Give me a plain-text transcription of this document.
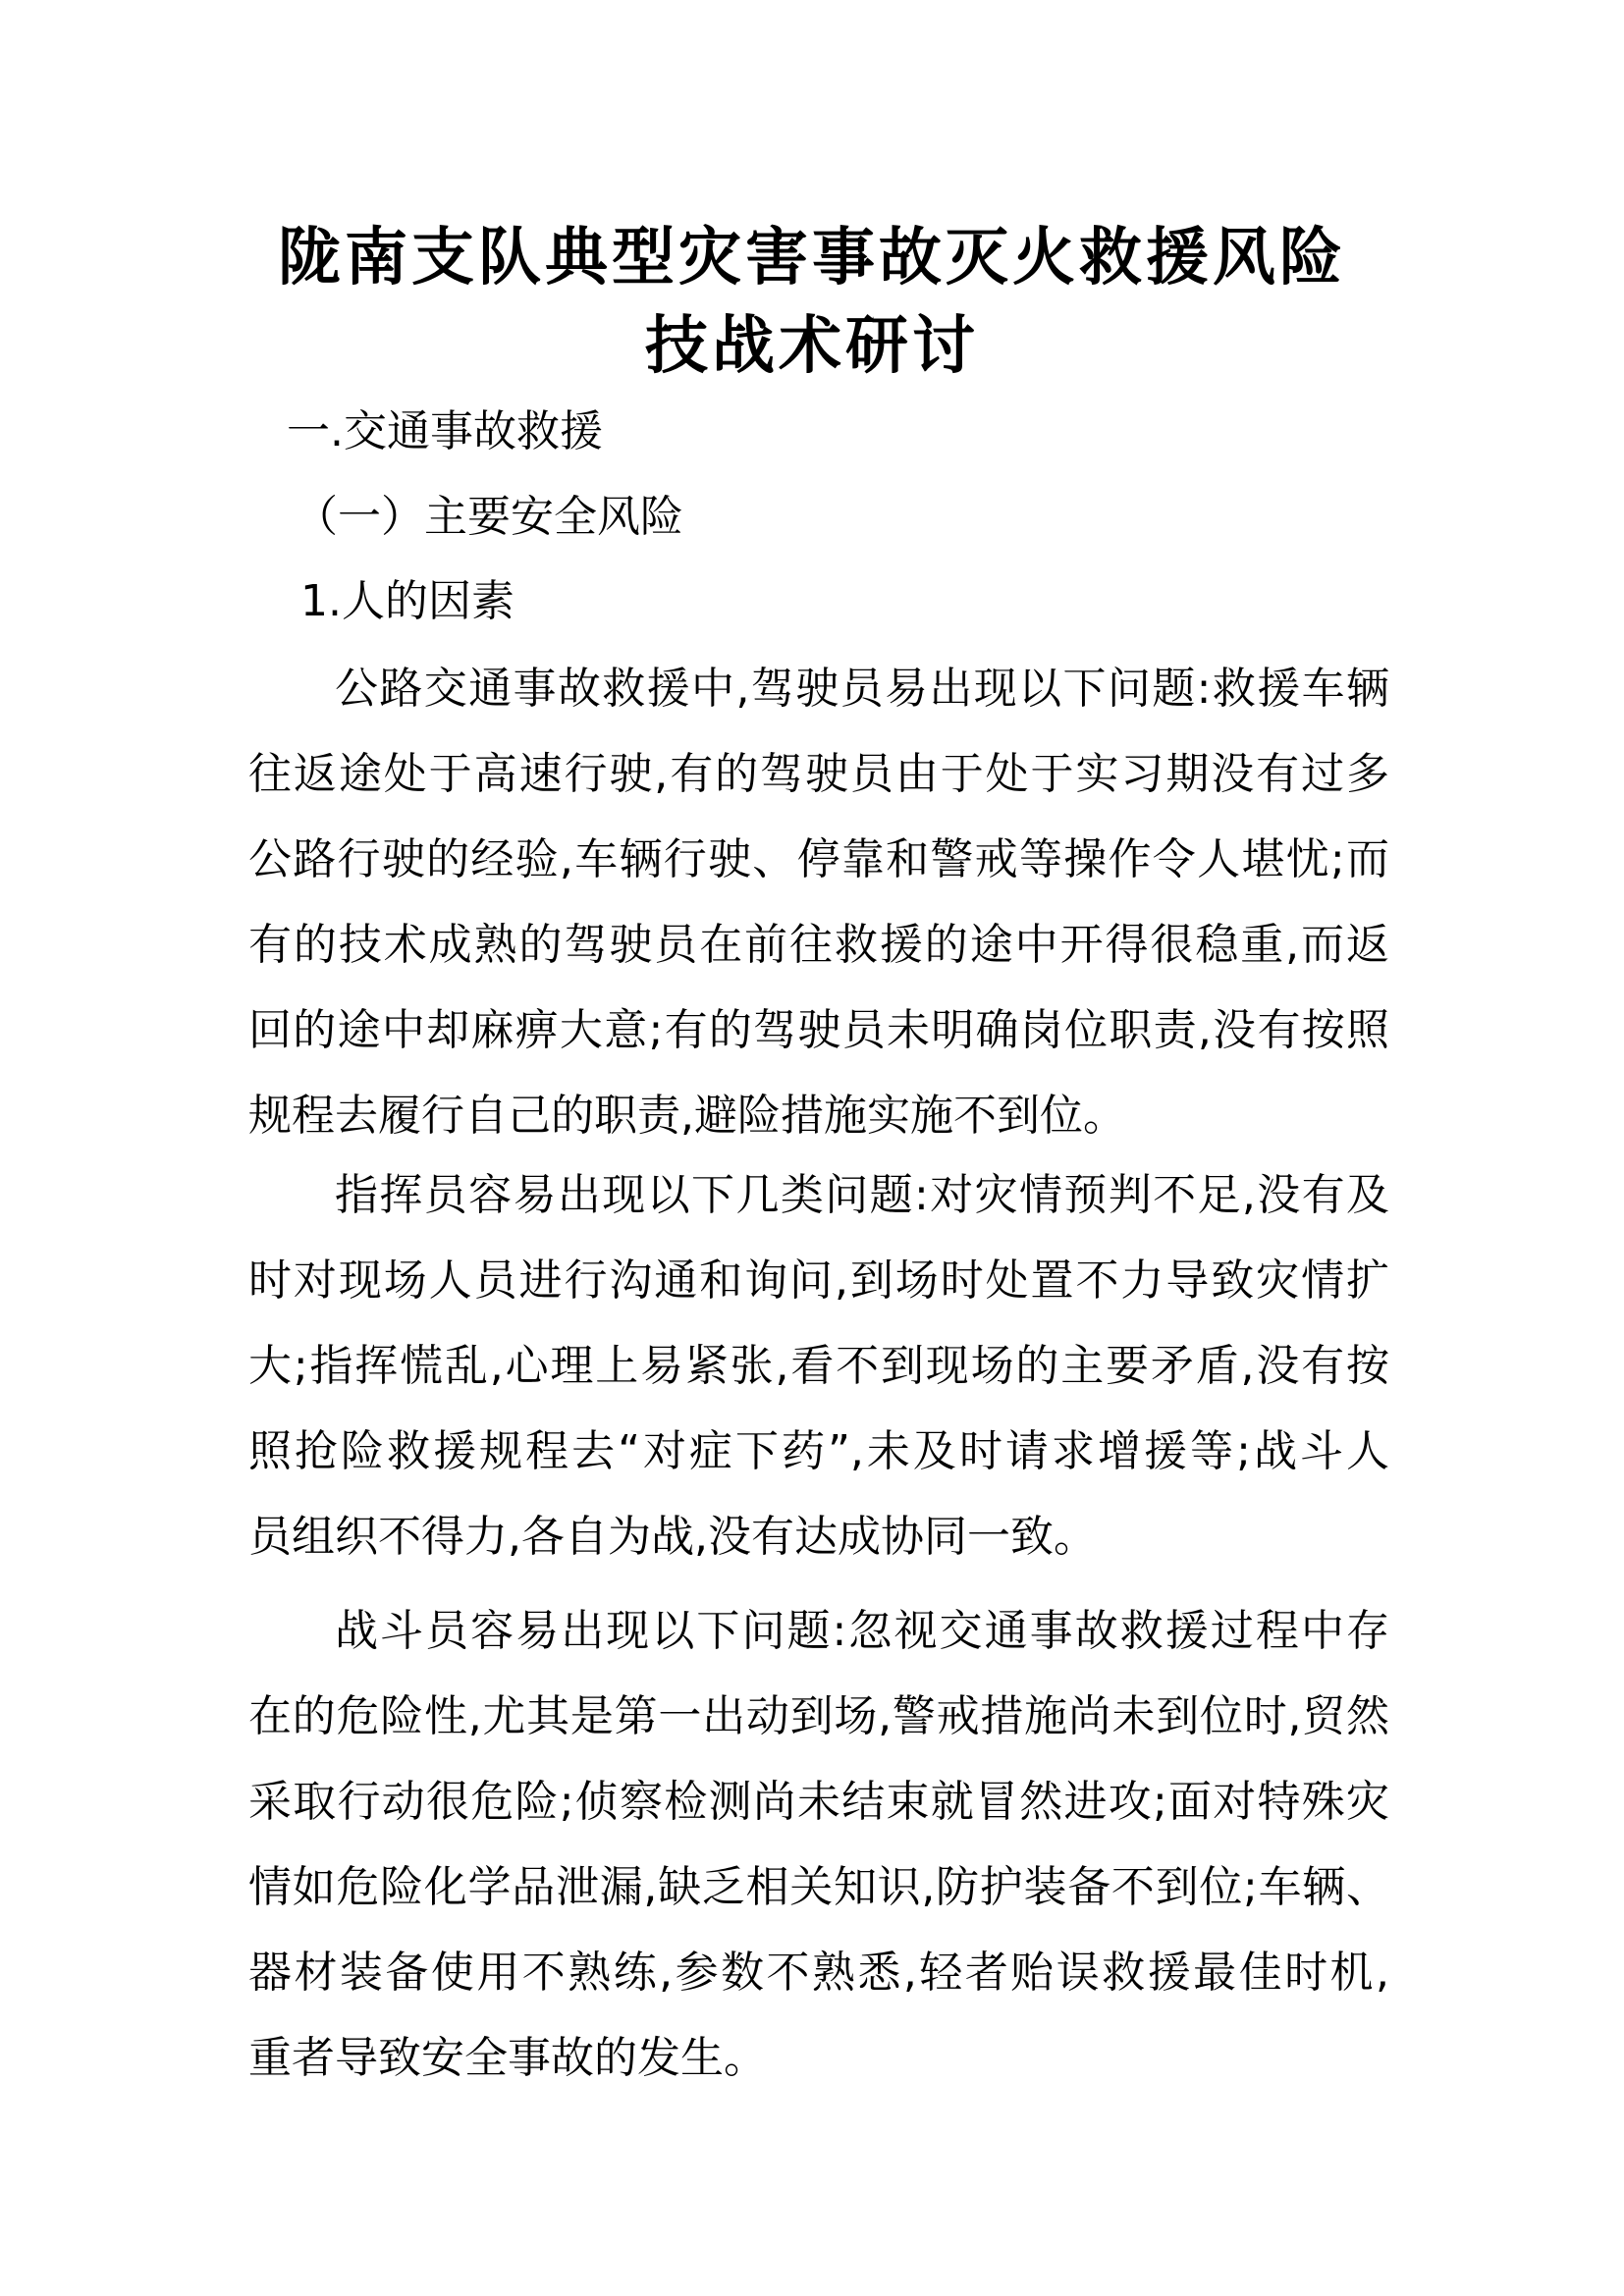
陇南支队典型灾害事故灭火救援风险
技战术研讨
一.交通事故救援
（一）主要安全风险
1.人的因素
公路交通事故救援中,驾驶员易出现以下问题:救援车辆
往返途处于高速行驶,有的驾驶员由于处于实习期没有过多
公路行驶的经验,车辆行驶、停靠和警戒等操作令人堪忧;而
有的技术成熟的驾驶员在前往救援的途中开得很稳重,而返
回的途中却麻痹大意;有的驾驶员未明确岗位职责,没有按照
规程去履行自己的职责,避险措施实施不到位。
指挥员容易出现以下几类问题:对灾情预判不足,没有及
时对现场人员进行沟通和询问,到场时处置不力导致灾情扩
大;指挥慌乱,心理上易紧张,看不到现场的主要矛盾,没有按
照抢险救援规程去“对症下药”,未及时请求增援等;战斗人
员组织不得力,各自为战,没有达成协同一致。
战斗员容易出现以下问题:忽视交通事故救援过程中存
在的危险性,尤其是第一出动到场,警戒措施尚未到位时,贸然
采取行动很危险;侦察检测尚未结束就冒然进攻;面对特殊灾
情如危险化学品泄漏,缺乏相关知识,防护装备不到位;车辆、
器材装备使用不熟练,参数不熟悉,轻者贻误救援最佳时机,
重者导致安全事故的发生。
